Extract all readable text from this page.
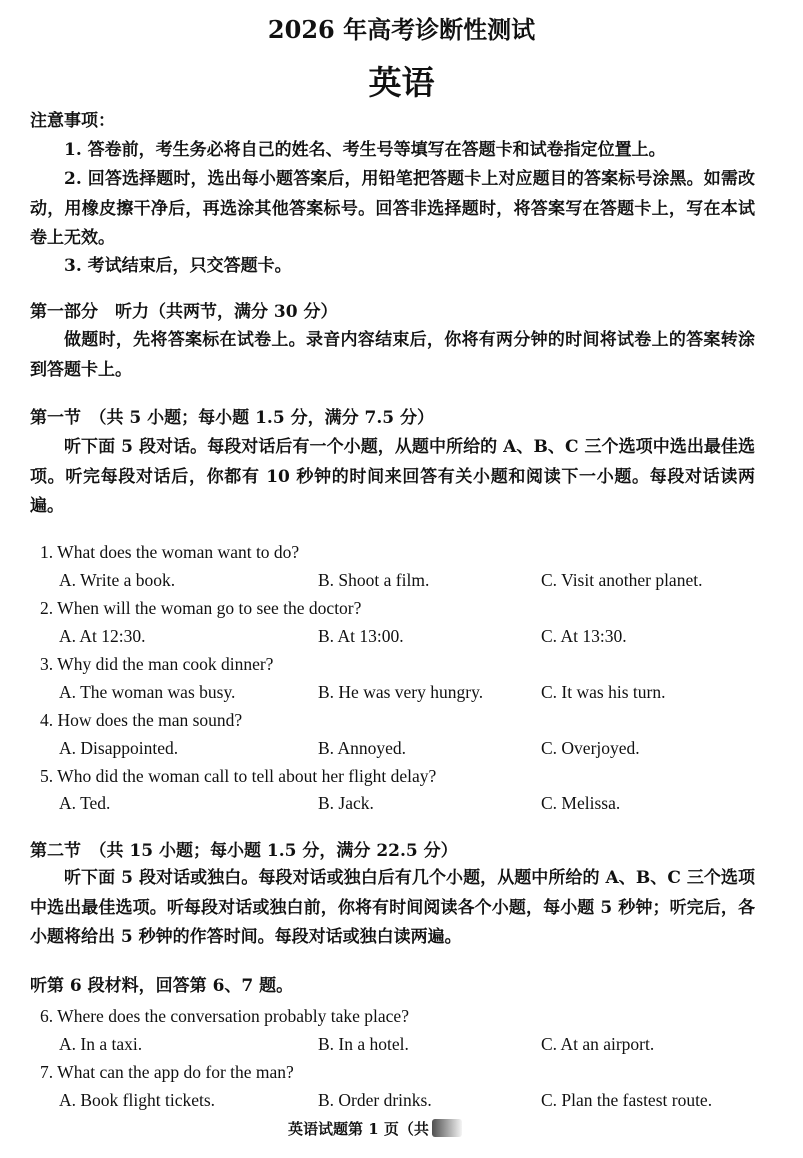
2026 年高考诊断性测试
英语
注意事项：
1. 答卷前，考生务必将自己的姓名、考生号等填写在答题卡和试卷指定位置上。
2. 回答选择题时，选出每小题答案后，用铅笔把答题卡上对应题目的答案标号涂黑。如需改动，用橡皮擦干净后，再选涂其他答案标号。回答非选择题时，将答案写在答题卡上，写在本试卷上无效。
3. 考试结束后，只交答题卡。
第一部分　听力（共两节，满分 30 分）
做题时，先将答案标在试卷上。录音内容结束后，你将有两分钟的时间将试卷上的答案转涂到答题卡上。
第一节　（共 5 小题；每小题 1.5 分，满分 7.5 分）
听下面 5 段对话。每段对话后有一个小题，从题中所给的 A、B、C 三个选项中选出最佳选项。听完每段对话后，你都有 10 秒钟的时间来回答有关小题和阅读下一小题。每段对话读两遍。
1. What does the woman want to do?
A. Write a book.	B. Shoot a film.	C. Visit another planet.
2. When will the woman go to see the doctor?
A. At 12:30.	B. At 13:00.	C. At 13:30.
3. Why did the man cook dinner?
A. The woman was busy.	B. He was very hungry.	C. It was his turn.
4. How does the man sound?
A. Disappointed.	B. Annoyed.	C. Overjoyed.
5. Who did the woman call to tell about her flight delay?
A. Ted.	B. Jack.	C. Melissa.
第二节　（共 15 小题；每小题 1.5 分，满分 22.5 分）
听下面 5 段对话或独白。每段对话或独白后有几个小题，从题中所给的 A、B、C 三个选项中选出最佳选项。听每段对话或独白前，你将有时间阅读各个小题，每小题 5 秒钟；听完后，各小题将给出 5 秒钟的作答时间。每段对话或独白读两遍。
听第 6 段材料，回答第 6、7 题。
6. Where does the conversation probably take place?
A. In a taxi.	B. In a hotel.	C. At an airport.
7. What can the app do for the man?
A. Book flight tickets.	B. Order drinks.	C. Plan the fastest route.
英语试题第 1 页（共
